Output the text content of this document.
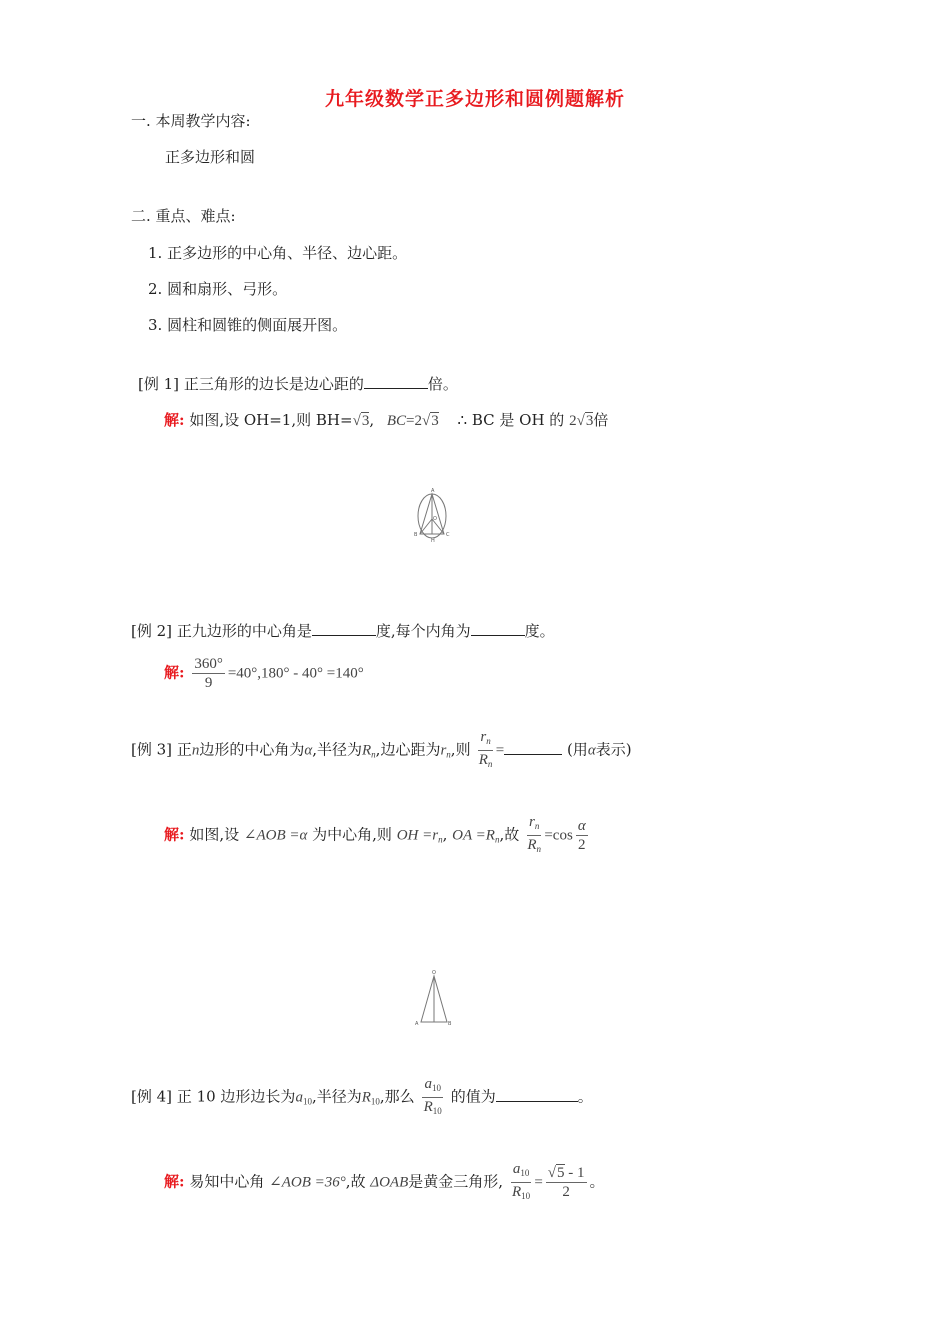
九年级数学正多边形和圆例题解析
一. 本周教学内容:
正多边形和圆
二. 重点、难点:
1. 正多边形的中心角、半径、边心距。
2. 圆和扇形、弓形。
3. 圆柱和圆锥的侧面展开图。
[例 1] 正三角形的边长是边心距的	倍。
解: 如图,设 OH=1,则 BH=√3, BC=2√3 ∴ BC 是 OH 的 2√3倍
A
O
B
H
C
[例 2] 正九边形的中心角是	度,每个内角为	度。
解: $\frac{360^\circ}{9} =40^\circ,180^\circ - 40^\circ =140^\circ$
[例 3] 正n边形的中心角为α,半径为$R_n$,边心距为$r_n$,则 $\frac{r_n}{R_n}$ =	(用α表示)
解: 如图,设 ∠AOB =α 为中心角,则 OH $=r_n$, OA $=R_n$,故 $\frac{r_n}{R_n} =\cos \frac{\alpha}{2}$
O
A	B
[例 4] 正 10 边形边长为$a_{10}$,半径为$R_{10}$,那么 $\frac{a_{10}}{R_{10}}$ 的值为	。
解: 易知中心角 ∠AOB =36°,故 ΔOAB是黄金三角形, $\frac{a_{10}}{R_{10}} = \frac{√5 - 1}{2}$ 。
